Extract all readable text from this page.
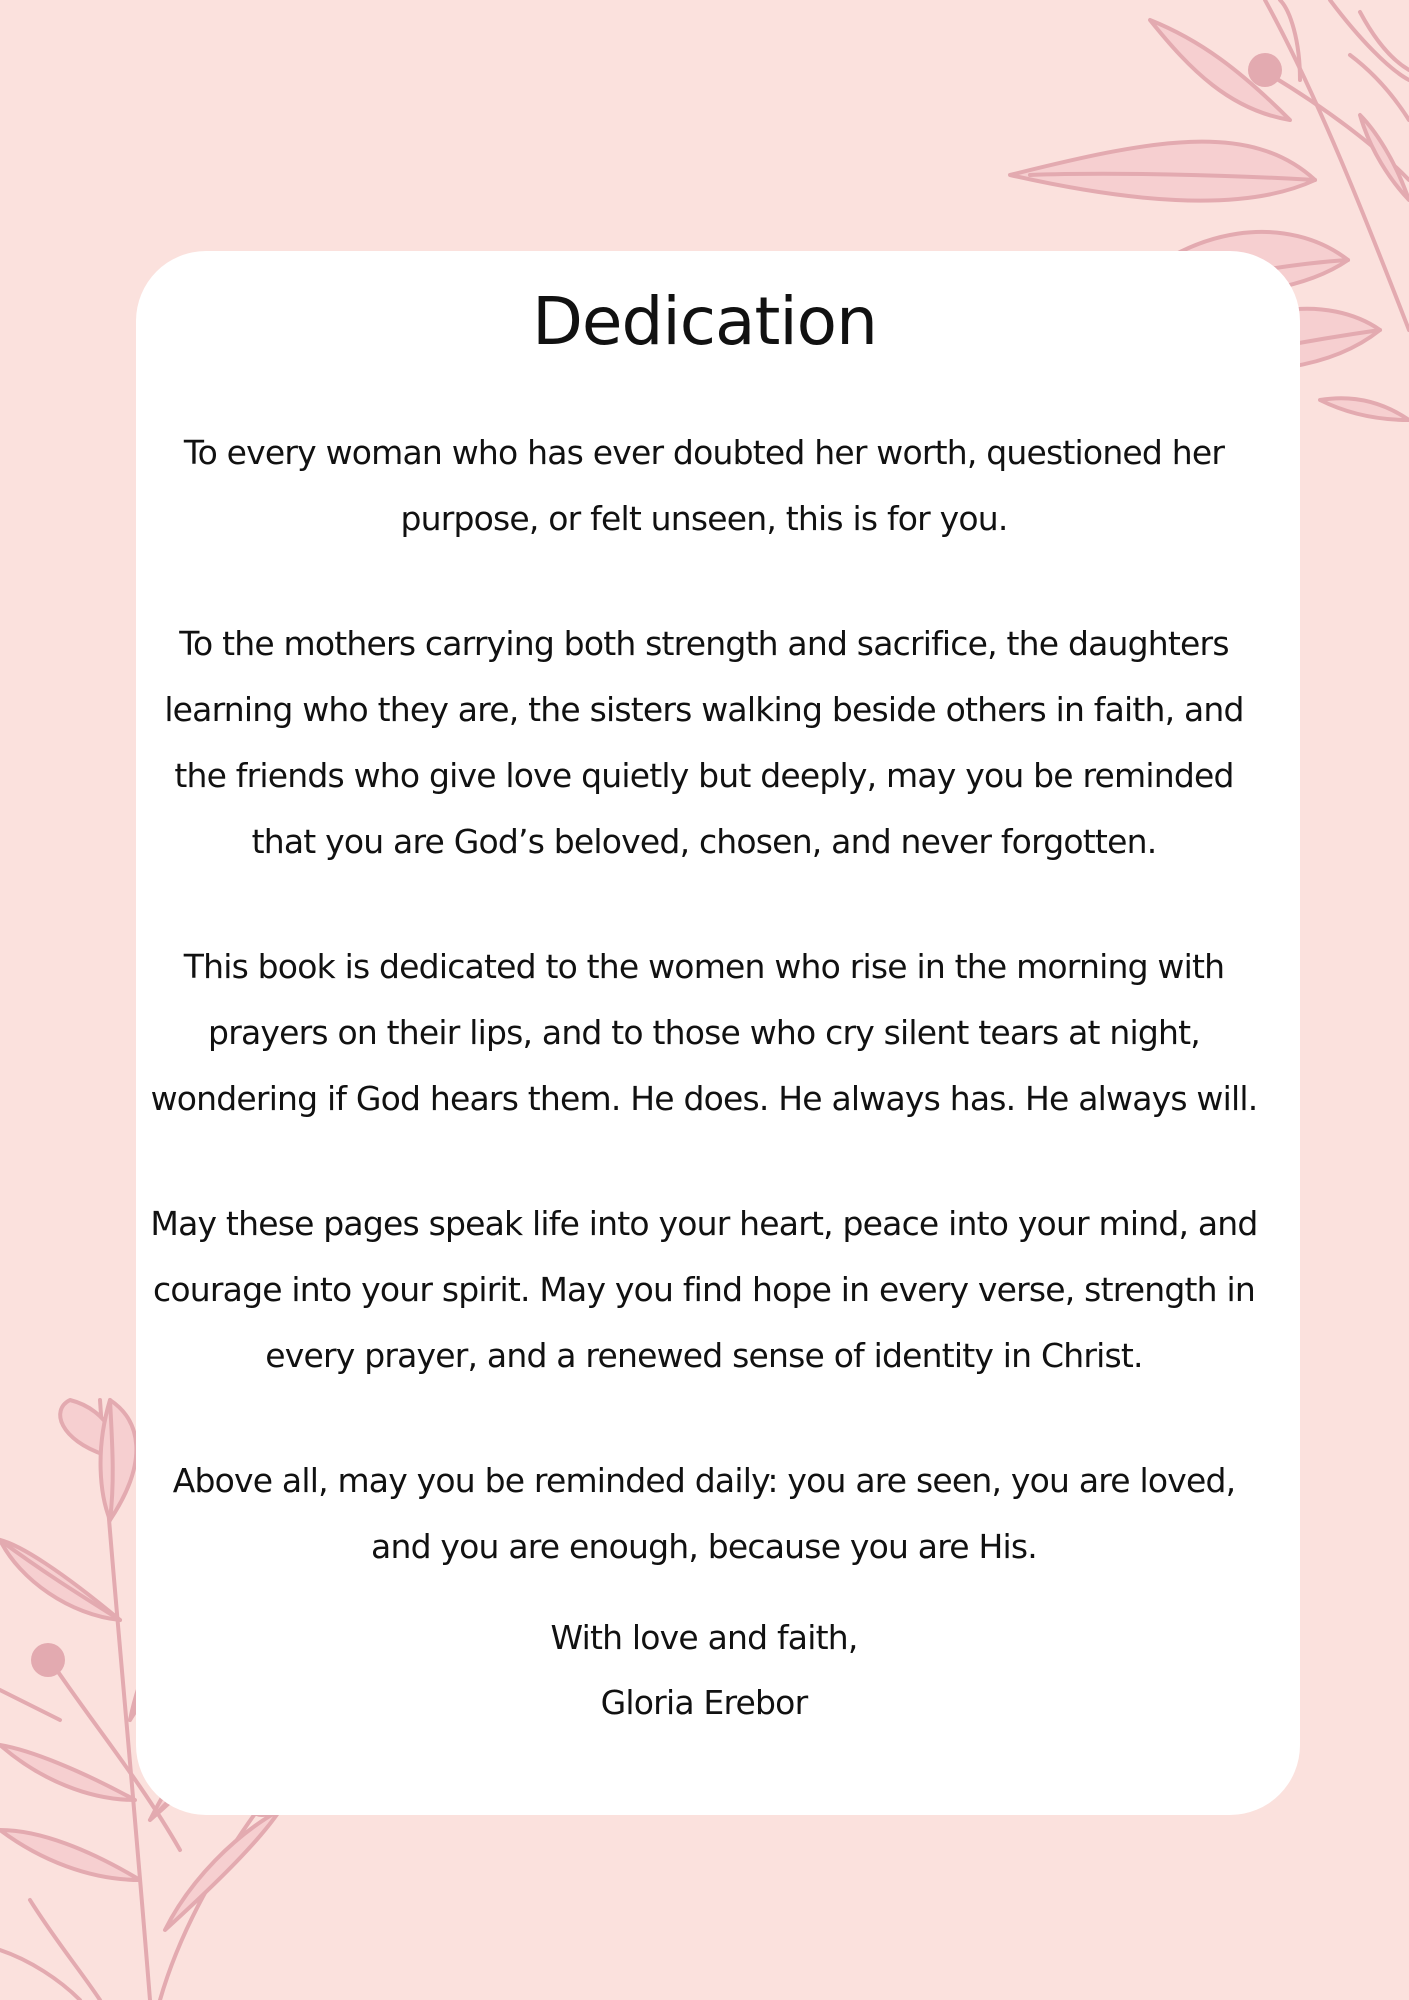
Dedication

To every woman who has ever doubted her worth, questioned her purpose, or felt unseen, this is for you.

To the mothers carrying both strength and sacrifice, the daughters learning who they are, the sisters walking beside others in faith, and the friends who give love quietly but deeply, may you be reminded that you are God’s beloved, chosen, and never forgotten.

This book is dedicated to the women who rise in the morning with prayers on their lips, and to those who cry silent tears at night, wondering if God hears them. He does. He always has. He always will.

May these pages speak life into your heart, peace into your mind, and courage into your spirit. May you find hope in every verse, strength in every prayer, and a renewed sense of identity in Christ.

Above all, may you be reminded daily: you are seen, you are loved, and you are enough, because you are His.

With love and faith,
Gloria Erebor
